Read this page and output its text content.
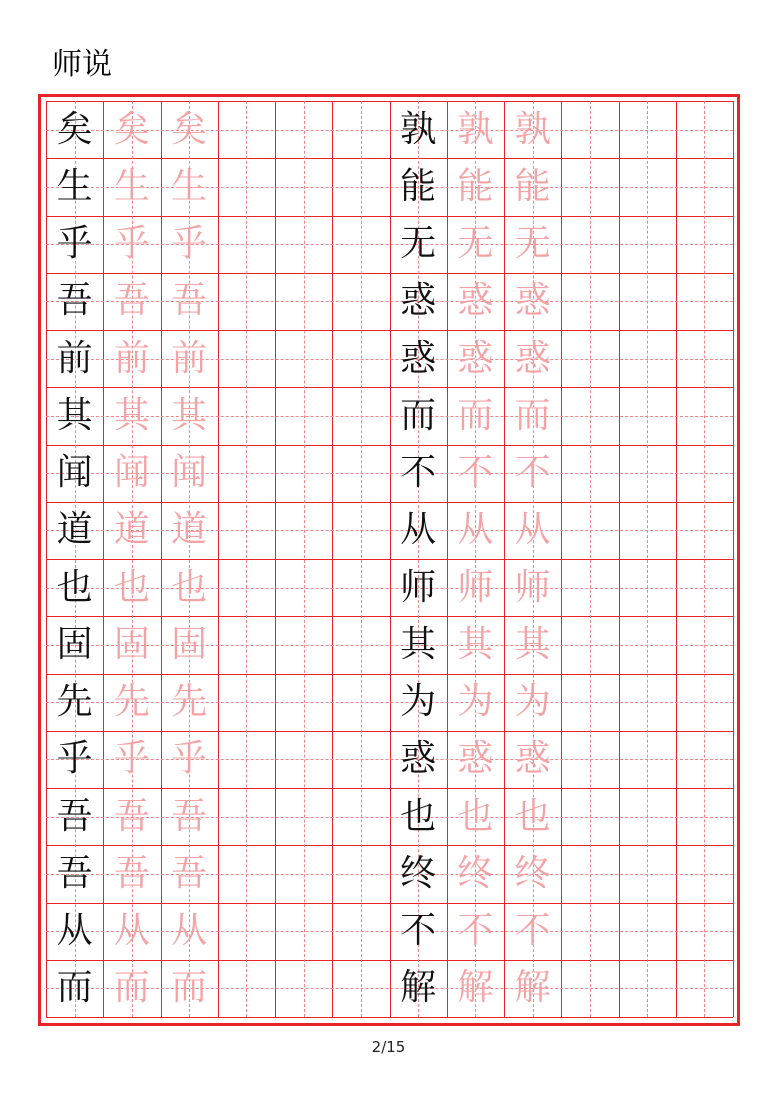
师说
矣 矣 矣
生 生 生
乎 乎 乎
吾 吾 吾
前 前 前
其 其 其
闻 闻 闻
道 道 道
也 也 也
固 固 固
先 先 先
乎 乎 乎
吾 吾 吾
吾 吾 吾
从 从 从
而 而 而
孰 孰 孰
能 能 能
无 无 无
惑 惑 惑
惑 惑 惑
而 而 而
不 不 不
从 从 从
师 师 师
其 其 其
为 为 为
惑 惑 惑
也 也 也
终 终 终
不 不 不
解 解 解
2/15
